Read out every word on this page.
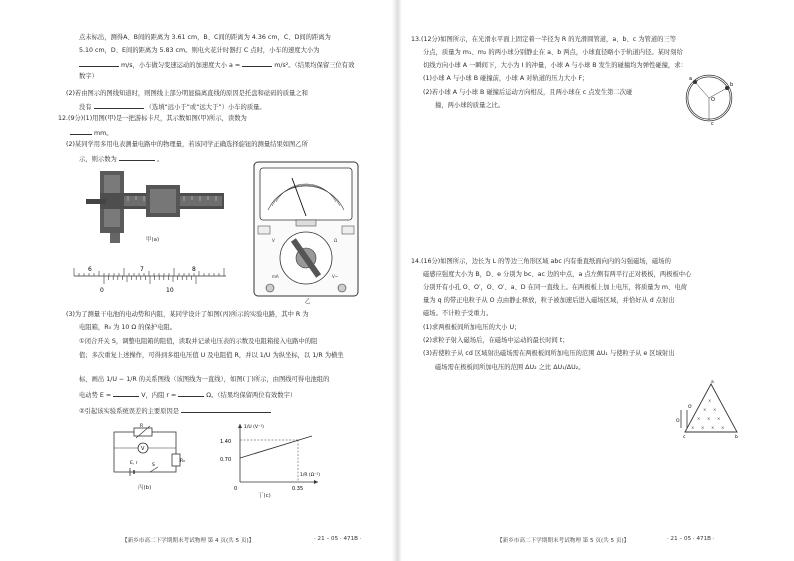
点未标出，测得A、B间的距离为 3.61 cm，B、C间的距离为 4.36 cm，C、D间的距离为
5.10 cm，D、E间的距离为 5.83 cm。则电火花计时器打 C 点时，小车的速度大小为
m/s，小车做匀变速运动的加速度大小 a =	m/s²。（结果均保留三位有效
数字）
(2)若由图示的图线知道时，则图线上部分明显偏离直线的原因是托盘和砝码的质量之和
没有	（选填“远小于”或“远大于”）小车的质量。
12.(9分)(1)用图(甲)是一把游标卡尺，其示数如图(甲)所示，读数为
mm。
(2)某同学用多用电表测量电路中的物理量，若该同学正确选择旋钮的测量结果如图乙所
示，则示数为	。
甲(a)
6	7	8
0	10
V	Ω
mA	V~
乙
(3)为了测量干电池的电动势和内阻，某同学设计了如图(丙)所示的实验电路，其中 R 为
电阻箱，R₀ 为 10 Ω 的保护电阻。
①闭合开关 S，调整电阻箱的阻值，读取并记录电压表的示数及电阻箱接入电路中的阻
值；多次重复上述操作，可得到多组电压值 U 及电阻值 R，并以 1/U 为纵坐标，以 1/R 为横坐
标，画出 1/U − 1/R 的关系图线（该图线为一直线），如图(丁)所示，由图线可得电池组的
电动势 E =	V，内阻 r =	Ω。（结果均保留两位有效数字）
②引起该实验系统误差的主要原因是
V
E, r	S
R
R₀
丙(b)
1.40
0.70
0.35
0
1/U (V⁻¹)
1/R (Ω⁻¹)
丁(c)
【新乡市高二下学期期末考试物理 第 4 页(共 5 页)】	· 21 – 05 · 471B ·
13.(12分)如图所示，在光滑水平面上固定着一半径为 R 的光滑圆管道，a、b、c 为管道的三等
分点，质量为 m₁、m₂ 的两小球分别静止在 a、b 两点，小球直径略小于轨道内径。某时刻给
切线方向小球 A 一瞬间下，大小为 I 的冲量，小球 A 与小球 B 发生的碰撞均为弹性碰撞，求：
(1)小球 A 与小球 B 碰撞前，小球 A 对轨道的压力大小 F；
(2)若小球 A 与小球 B 碰撞后运动方向相反，且两小球在 c 点发生第二次碰
撞，两小球的质量之比。
a
b
c
O
14.(16分)如图所示，边长为 L 的等边三角形区域 abc 内有垂直纸面向内的匀强磁场，磁场的
磁感应强度大小为 B，D、e 分别为 bc、ac 边的中点，a 点左侧有两平行正对极板，两极板中心
分别开有小孔 O、O′，O、O′、a、D 在同一直线上。在两极板上加上电压，将质量为 m、电荷
量为 q 的带正电粒子从 O 点由静止释放，粒子被加速后进入磁场区域，并恰好从 d 点射出
磁场。不计粒子受重力。
(1)求两极板间所加电压的大小 U；
(2)求粒子射入磁场后，在磁场中运动的最长时间 t；
(3)若使粒子从 cd 区域射出磁场需在两极板间所加电压的范围 ΔU₁ 与使粒子从 e 区域射出
磁场需在极板间所加电压的范围 ΔU₂ 之比 ΔU₁/ΔU₂。
×
× ×
× × ×
× × × ×
a
b
c
O
O′
【新乡市高二下学期期末考试物理 第 5 页(共 5 页)】	· 21 – 05 · 471B ·
